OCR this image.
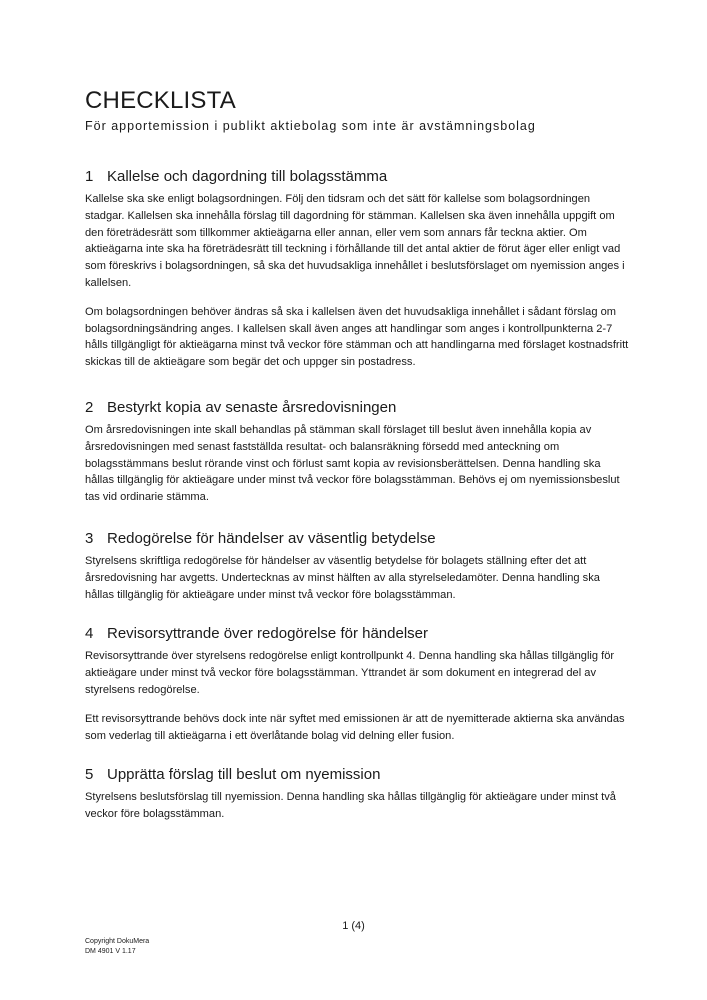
CHECKLISTA
För apportemission i publikt aktiebolag som inte är avstämningsbolag
1 Kallelse och dagordning till bolagsstämma

Kallelse ska ske enligt bolagsordningen. Följ den tidsram och det sätt för kallelse som bolagsordningen stadgar. Kallelsen ska innehålla förslag till dagordning för stämman. Kallelsen ska även innehålla uppgift om den företrädesrätt som tillkommer aktieägarna eller annan, eller vem som annars får teckna aktier. Om aktieägarna inte ska ha företrädesrätt till teckning i förhållande till det antal aktier de förut äger eller enligt vad som föreskrivs i bolagsordningen, så ska det huvudsakliga innehållet i beslutsförslaget om nyemission anges i kallelsen.

Om bolagsordningen behöver ändras så ska i kallelsen även det huvudsakliga innehållet i sådant förslag om bolagsordningsändring anges. I kallelsen skall även anges att handlingar som anges i kontrollpunkterna 2-7 hålls tillgängligt för aktieägarna minst två veckor före stämman och att handlingarna med förslaget kostnadsfritt skickas till de aktieägare som begär det och uppger sin postadress.

2 Bestyrkt kopia av senaste årsredovisningen

Om årsredovisningen inte skall behandlas på stämman skall förslaget till beslut även innehålla kopia av årsredovisningen med senast fastställda resultat- och balansräkning försedd med anteckning om bolagsstämmans beslut rörande vinst och förlust samt kopia av revisionsberättelsen. Denna handling ska hållas tillgänglig för aktieägare under minst två veckor före bolagsstämman. Behövs ej om nyemissionsbeslut tas vid ordinarie stämma.

3 Redogörelse för händelser av väsentlig betydelse

Styrelsens skriftliga redogörelse för händelser av väsentlig betydelse för bolagets ställning efter det att årsredovisning har avgetts. Undertecknas av minst hälften av alla styrelseledamöter. Denna handling ska hållas tillgänglig för aktieägare under minst två veckor före bolagsstämman.

4 Revisorsyttrande över redogörelse för händelser

Revisorsyttrande över styrelsens redogörelse enligt kontrollpunkt 4. Denna handling ska hållas tillgänglig för aktieägare under minst två veckor före bolagsstämman. Yttrandet är som dokument en integrerad del av styrelsens redogörelse.

Ett revisorsyttrande behövs dock inte när syftet med emissionen är att de nyemitterade aktierna ska användas som vederlag till aktieägarna i ett överlåtande bolag vid delning eller fusion.

5 Upprätta förslag till beslut om nyemission

Styrelsens beslutsförslag till nyemission. Denna handling ska hållas tillgänglig för aktieägare under minst två veckor före bolagsstämman.

1 (4)
Copyright DokuMera
DM 4901 V 1.17
